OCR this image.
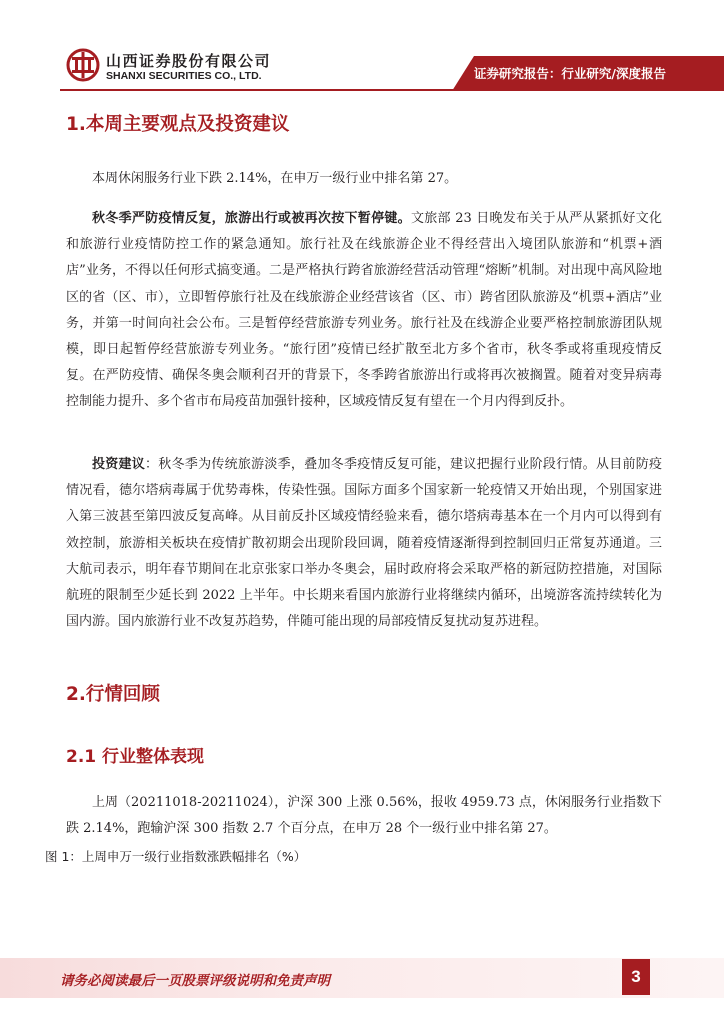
山西证券股份有限公司
SHANXI SECURITIES CO., LTD.	证券研究报告：行业研究/深度报告
1.本周主要观点及投资建议

本周休闲服务行业下跌 2.14%，在申万一级行业中排名第 27。

秋冬季严防疫情反复，旅游出行或被再次按下暂停键。文旅部 23 日晚发布关于从严从紧抓好文化和旅游行业疫情防控工作的紧急通知。旅行社及在线旅游企业不得经营出入境团队旅游和“机票+酒店”业务，不得以任何形式搞变通。二是严格执行跨省旅游经营活动管理“熔断”机制。对出现中高风险地区的省（区、市），立即暂停旅行社及在线旅游企业经营该省（区、市）跨省团队旅游及“机票+酒店”业务，并第一时间向社会公布。三是暂停经营旅游专列业务。旅行社及在线游企业要严格控制旅游团队规模，即日起暂停经营旅游专列业务。“旅行团”疫情已经扩散至北方多个省市，秋冬季或将重现疫情反复。在严防疫情、确保冬奥会顺利召开的背景下，冬季跨省旅游出行或将再次被搁置。随着对变异病毒控制能力提升、多个省市布局疫苗加强针接种，区域疫情反复有望在一个月内得到反扑。

投资建议：秋冬季为传统旅游淡季，叠加冬季疫情反复可能，建议把握行业阶段行情。从目前防疫情况看，德尔塔病毒属于优势毒株，传染性强。国际方面多个国家新一轮疫情又开始出现，个别国家进入第三波甚至第四波反复高峰。从目前反扑区域疫情经验来看，德尔塔病毒基本在一个月内可以得到有效控制，旅游相关板块在疫情扩散初期会出现阶段回调，随着疫情逐渐得到控制回归正常复苏通道。三大航司表示，明年春节期间在北京张家口举办冬奥会，届时政府将会采取严格的新冠防控措施，对国际航班的限制至少延长到 2022 上半年。中长期来看国内旅游行业将继续内循环，出境游客流持续转化为国内游。国内旅游行业不改复苏趋势，伴随可能出现的局部疫情反复扰动复苏进程。

2.行情回顾
2.1 行业整体表现

上周（20211018-20211024），沪深 300 上涨 0.56%，报收 4959.73 点，休闲服务行业指数下跌 2.14%，跑输沪深 300 指数 2.7 个百分点，在申万 28 个一级行业中排名第 27。

图 1：上周申万一级行业指数涨跌幅排名（%）
请务必阅读最后一页股票评级说明和免责声明	3
